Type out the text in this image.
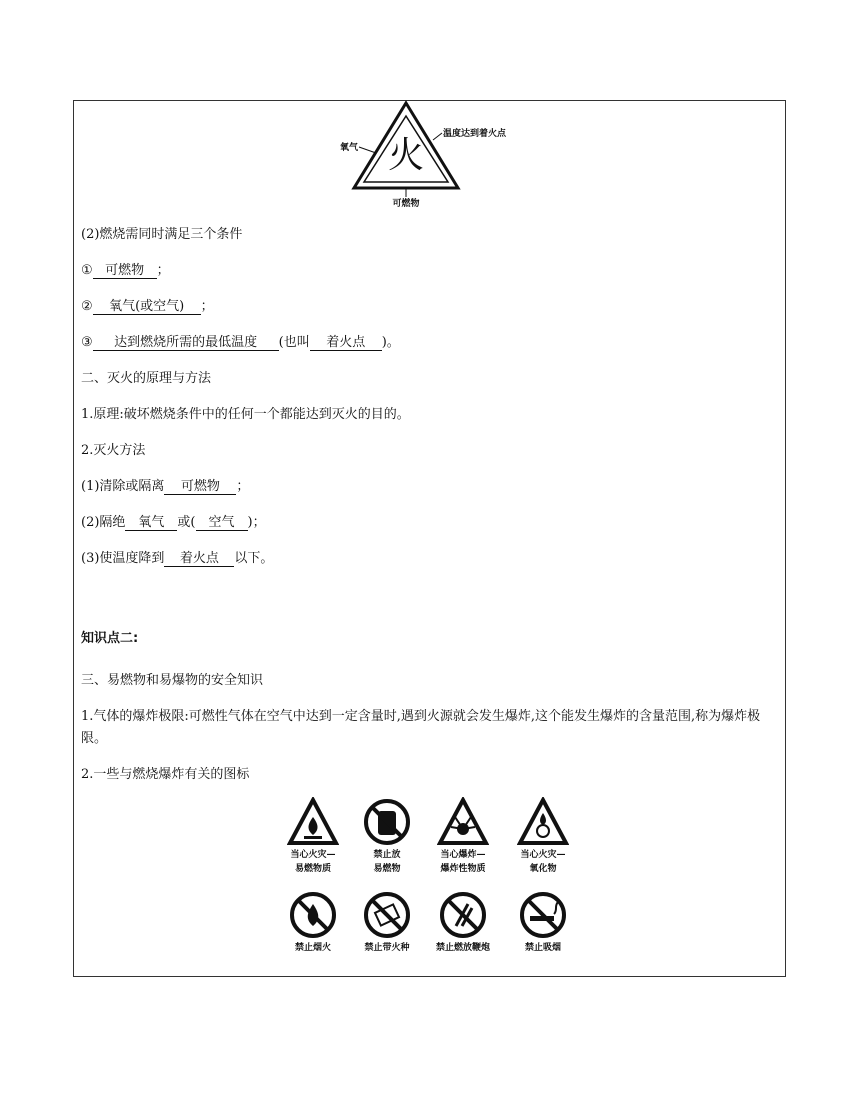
火
氧气
温度达到着火点
可燃物
(2)燃烧需同时满足三个条件
① 可燃物 ；
② 氧气(或空气) ；
③ 达到燃烧所需的最低温度 (也叫 着火点 )。
二、灭火的原理与方法
1.原理:破坏燃烧条件中的任何一个都能达到灭火的目的。
2.灭火方法
(1)清除或隔离 可燃物 ；
(2)隔绝 氧气 或( 空气 )；
(3)使温度降到 着火点 以下。
知识点二:
三、易燃物和易爆物的安全知识
1.气体的爆炸极限:可燃性气体在空气中达到一定含量时,遇到火源就会发生爆炸,这个能发生爆炸的含量范围,称为爆炸极限。
2.一些与燃烧爆炸有关的图标
当心火灾—
易燃物质
禁止放
易燃物
当心爆炸—
爆炸性物质
当心火灾—
氧化物
禁止烟火	禁止带火种	禁止燃放鞭炮	禁止吸烟
